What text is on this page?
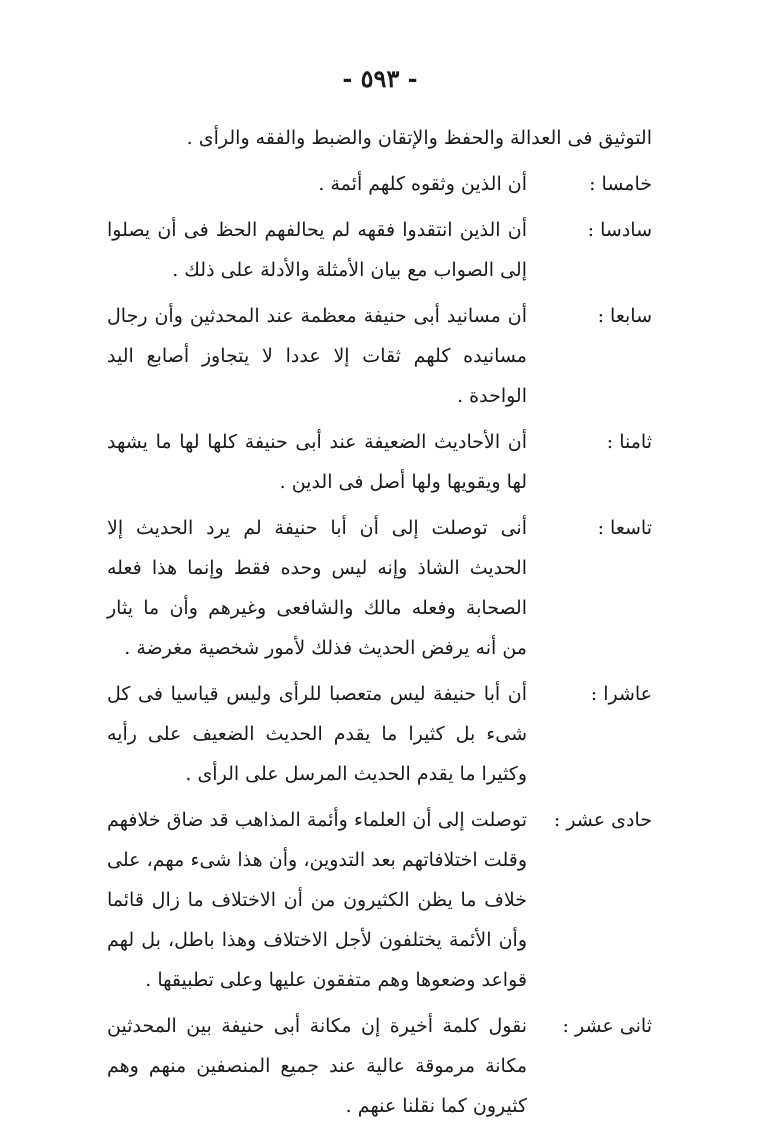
- ٥٩٣ -

التوثيق فى العدالة والحفظ والإتقان والضبط والفقه والرأى .

خامسا :
أن الذين وثقوه كلهم أئمة .
سادسا :
أن الذين انتقدوا فقهه لم يحالفهم الحظ فى أن يصلوا إلى الصواب مع بيان الأمثلة والأدلة على ذلك .
سابعا :
أن مسانيد أبى حنيفة معظمة عند المحدثين وأن رجال مسانيده كلهم ثقات إلا عددا لا يتجاوز أصابع اليد الواحدة .
ثامنا :
أن الأحاديث الضعيفة عند أبى حنيفة كلها لها ما يشهد لها ويقويها ولها أصل فى الدين .
تاسعا :
أنى توصلت إلى أن أبا حنيفة لم يرد الحديث إلا الحديث الشاذ وإنه ليس وحده فقط وإنما هذا فعله الصحابة وفعله مالك والشافعى وغيرهم وأن ما يثار من أنه يرفض الحديث فذلك لأمور شخصية مغرضة .
عاشرا :
أن أبا حنيفة ليس متعصبا للرأى وليس قياسيا فى كل شىء بل كثيرا ما يقدم الحديث الضعيف على رأيه وكثيرا ما يقدم الحديث المرسل على الرأى .
حادى عشر :
توصلت إلى أن العلماء وأئمة المذاهب قد ضاق خلافهم وقلت اختلافاتهم بعد التدوين، وأن هذا شىء مهم، على خلاف ما يظن الكثيرون من أن الاختلاف ما زال قائما وأن الأئمة يختلفون لأجل الاختلاف وهذا باطل، بل لهم قواعد وضعوها وهم متفقون عليها وعلى تطبيقها .
ثانى عشر :
نقول كلمة أخيرة إن مكانة أبى حنيفة بين المحدثين مكانة مرموقة عالية عند جميع المنصفين منهم وهم كثيرون كما نقلنا عنهم .
